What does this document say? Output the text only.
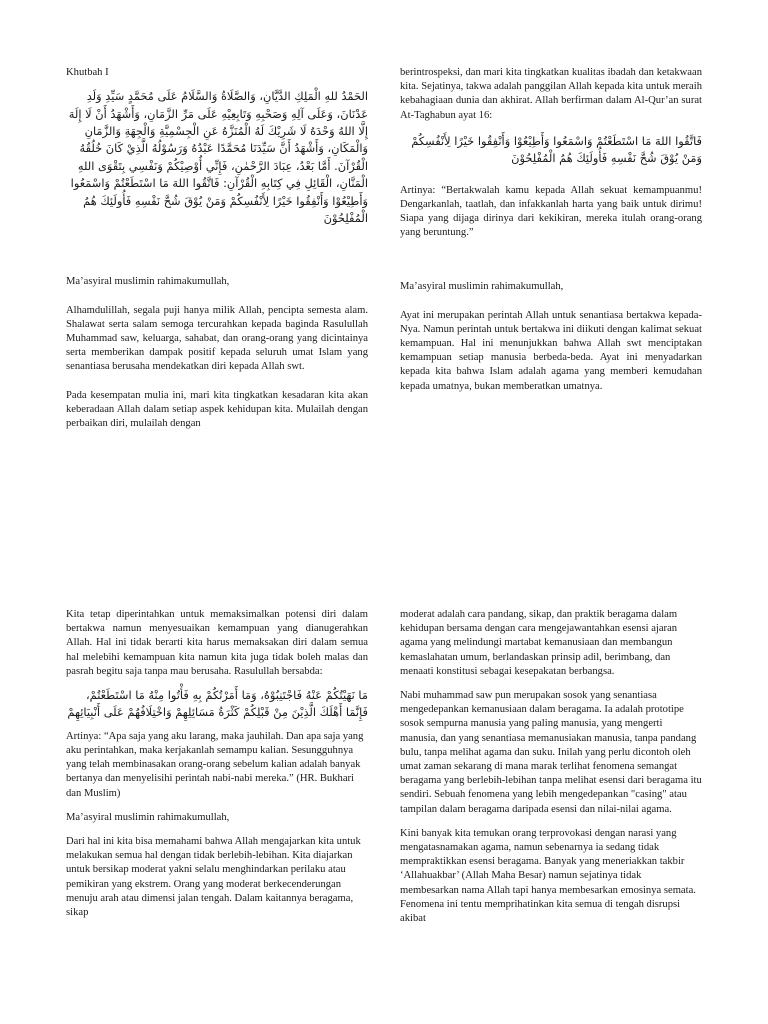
Khutbah I

الحَمْدُ للهِ الْمَلِكِ الدَّيَّانِ، وَالصَّلَاةُ وَالسَّلَامُ عَلَى مُحَمَّدٍ سَيِّدِ وَلَدِ عَدْنَانَ، وَعَلَى آلِهِ وَصَحْبِهِ وَتَابِعِيْهِ عَلَى مَرِّ الزَّمَانِ، وَأَشْهَدُ أَنْ لَا إِلَهَ إِلَّا اللهُ وَحْدَهُ لَا شَرِيْكَ لَهُ الْمُنَزَّهُ عَنِ الْجِسْمِيَّةِ وَالْجِهَةِ وَالزَّمَانِ وَالْمَكَانِ، وَأَشْهَدُ أَنَّ سَيِّدَنَا مُحَمَّدًا عَبْدُهُ وَرَسُوْلُهُ الَّذِيْ كَانَ خُلُقُهُ الْقُرْآنَ. أَمَّا بَعْدُ، عِبَادَ الرَّحْمٰنِ، فَإِنِّي أُوْصِيْكُمْ وَنَفْسِي بِتَقْوَى اللهِ الْمَنَّانِ، الْقَائِلِ فِي كِتَابِهِ الْقُرْآنِ: فَاتَّقُوا اللهَ مَا اسْتَطَعْتُمْ وَاسْمَعُوا وَأَطِيْعُوْا وَأَنْفِقُوا خَيْرًا لِأَنْفُسِكُمْ وَمَنْ يُوْقَ شُحَّ نَفْسِهِ فَأُولَئِكَ هُمُ الْمُفْلِحُوْنَ

Ma’asyiral muslimin rahimakumullah,

Alhamdulillah, segala puji hanya milik Allah, pencipta semesta alam. Shalawat serta salam semoga tercurahkan kepada baginda Rasulullah Muhammad saw, keluarga, sahabat, dan orang-orang yang dicintainya serta memberikan dampak positif kepada seluruh umat Islam yang senantiasa berusaha mendekatkan diri kepada Allah swt.

Pada kesempatan mulia ini, mari kita tingkatkan kesadaran kita akan keberadaan Allah dalam setiap aspek kehidupan kita. Mulailah dengan perbaikan diri, mulailah dengan

berintrospeksi, dan mari kita tingkatkan kualitas ibadah dan ketakwaan kita. Sejatinya, takwa adalah panggilan Allah kepada kita untuk meraih kebahagiaan dunia dan akhirat. Allah berfirman dalam Al-Qur’an surat At-Taghabun ayat 16:

فَاتَّقُوا اللهَ مَا اسْتَطَعْتُمْ وَاسْمَعُوا وَأَطِيْعُوْا وَأَنْفِقُوا خَيْرًا لِأَنْفُسِكُمْ وَمَنْ يُوْقَ شُحَّ نَفْسِهِ فَأُولَئِكَ هُمُ الْمُفْلِحُوْنَ

Artinya: “Bertakwalah kamu kepada Allah sekuat kemampuanmu! Dengarkanlah, taatlah, dan infakkanlah harta yang baik untuk dirimu! Siapa yang dijaga dirinya dari kekikiran, mereka itulah orang-orang yang beruntung.”

Ma’asyiral muslimin rahimakumullah,

Ayat ini merupakan perintah Allah untuk senantiasa bertakwa kepada-Nya. Namun perintah untuk bertakwa ini diikuti dengan kalimat sekuat kemampuan. Hal ini menunjukkan bahwa Allah swt menciptakan kemampuan setiap manusia berbeda-beda. Ayat ini menyadarkan kepada kita bahwa Islam adalah agama yang memberi kemudahan kepada umatnya, bukan memberatkan umatnya.

Kita tetap diperintahkan untuk memaksimalkan potensi diri dalam bertakwa namun menyesuaikan kemampuan yang dianugerahkan Allah. Hal ini tidak berarti kita harus memaksakan diri dalam semua hal melebihi kemampuan kita namun kita juga tidak boleh malas dan pasrah begitu saja tanpa mau berusaha. Rasulullah bersabda:

مَا نَهَيْتُكُمْ عَنْهُ فَاجْتَنِبُوْهُ، وَمَا أَمَرْتُكُمْ بِهِ فَأْتُوا مِنْهُ مَا اسْتَطَعْتُمْ، فَإِنَّمَا أَهْلَكَ الَّذِيْنَ مِنْ قَبْلِكُمْ كَثْرَةُ مَسَائِلِهِمْ وَاخْتِلَافُهُمْ عَلَى أَنْبِيَائِهِمْ

Artinya: “Apa saja yang aku larang, maka jauhilah. Dan apa saja yang aku perintahkan, maka kerjakanlah semampu kalian. Sesungguhnya yang telah membinasakan orang-orang sebelum kalian adalah banyak bertanya dan menyelisihi perintah nabi-nabi mereka.” (HR. Bukhari dan Muslim)

Ma’asyiral muslimin rahimakumullah,

Dari hal ini kita bisa memahami bahwa Allah mengajarkan kita untuk melakukan semua hal dengan tidak berlebih-lebihan. Kita diajarkan untuk bersikap moderat yakni selalu menghindarkan perilaku atau pemikiran yang ekstrem. Orang yang moderat berkecenderungan menuju arah atau dimensi jalan tengah. Dalam kaitannya beragama, sikap

moderat adalah cara pandang, sikap, dan praktik beragama dalam kehidupan bersama dengan cara mengejawantahkan esensi ajaran agama yang melindungi martabat kemanusiaan dan membangun kemaslahatan umum, berlandaskan prinsip adil, berimbang, dan menaati konstitusi sebagai kesepakatan berbangsa.

Nabi muhammad saw pun merupakan sosok yang senantiasa mengedepankan kemanusiaan dalam beragama. Ia adalah prototipe sosok sempurna manusia yang paling manusia, yang mengerti manusia, dan yang senantiasa memanusiakan manusia, tanpa pandang bulu, tanpa melihat agama dan suku. Inilah yang perlu dicontoh oleh umat zaman sekarang di mana marak terlihat fenomena semangat beragama yang berlebih-lebihan tanpa melihat esensi dari beragama itu sendiri. Sebuah fenomena yang lebih mengedepankan "casing" atau tampilan dalam beragama daripada esensi dan nilai-nilai agama.

Kini banyak kita temukan orang terprovokasi dengan narasi yang mengatasnamakan agama, namun sebenarnya ia sedang tidak mempraktikkan esensi beragama. Banyak yang meneriakkan takbir ‘Allahuakbar’ (Allah Maha Besar) namun sejatinya tidak membesarkan nama Allah tapi hanya membesarkan emosinya semata. Fenomena ini tentu memprihatinkan kita semua di tengah disrupsi akibat
